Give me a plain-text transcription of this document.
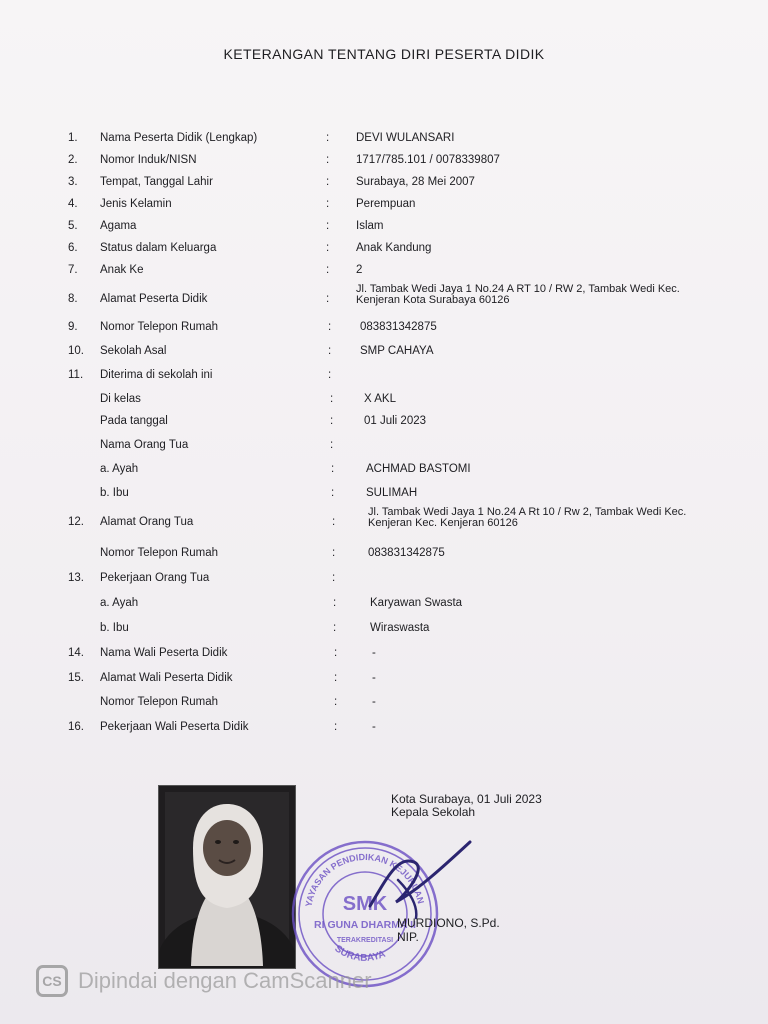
KETERANGAN TENTANG DIRI PESERTA DIDIK
1.	Nama Peserta Didik (Lengkap)	:	DEVI WULANSARI
2.	Nomor Induk/NISN	:	1717/785.101 / 0078339807
3.	Tempat, Tanggal Lahir	:	Surabaya, 28 Mei 2007
4.	Jenis Kelamin	:	Perempuan
5.	Agama	:	Islam
6.	Status dalam Keluarga	:	Anak Kandung
7.	Anak Ke	:	2
8.	Alamat Peserta Didik	:
Jl. Tambak Wedi Jaya 1 No.24 A RT 10 / RW 2, Tambak Wedi Kec.
Kenjeran Kota Surabaya 60126
9.	Nomor Telepon Rumah	:	083831342875
10.	Sekolah Asal	:	SMP CAHAYA
11.	Diterima di sekolah ini	:
Di kelas	:	X AKL
Pada tanggal	:	01 Juli 2023
Nama Orang Tua	:
a. Ayah	:	ACHMAD BASTOMI
b. Ibu	:	SULIMAH
12.	Alamat Orang Tua	:
Jl. Tambak Wedi Jaya 1 No.24 A Rt 10 / Rw 2, Tambak Wedi Kec.
Kenjeran Kec. Kenjeran 60126
Nomor Telepon Rumah	:	083831342875
13.	Pekerjaan Orang Tua	:
a. Ayah	:	Karyawan Swasta
b. Ibu	:	Wiraswasta
14.	Nama Wali Peserta Didik	:	-
15.	Alamat Wali Peserta Didik	:	-
Nomor Telepon Rumah	:	-
16.	Pekerjaan Wali Peserta Didik	:	-
YAYASAN PENDIDIKAN KEJURUAN
SMK
RI GUNA DHARMA II
TERAKREDITASI
SURABAYA
Kota Surabaya, 01 Juli 2023
Kepala Sekolah
MURDIONO, S.Pd.
NIP.
CS Dipindai dengan CamScanner
